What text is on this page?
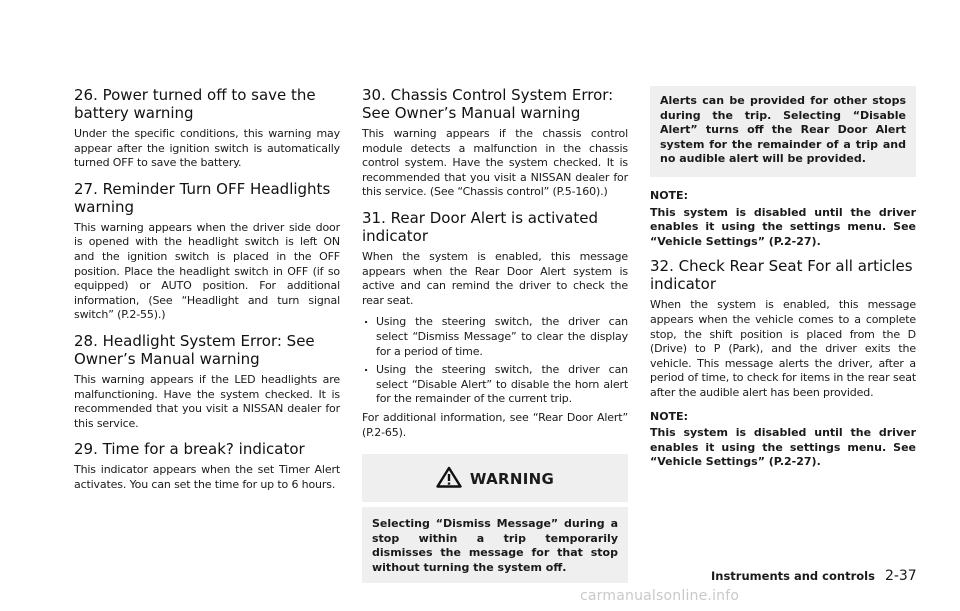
26. Power turned off to save the battery warning

Under the specific conditions, this warning may appear after the ignition switch is automatically turned OFF to save the battery.

27. Reminder Turn OFF Headlights warning

This warning appears when the driver side door is opened with the headlight switch is left ON and the ignition switch is placed in the OFF position. Place the headlight switch in OFF (if so equipped) or AUTO position. For additional information, (See “Headlight and turn signal switch” (P.2-55).)

28. Headlight System Error: See Owner’s Manual warning

This warning appears if the LED headlights are malfunctioning. Have the system checked. It is recommended that you visit a NISSAN dealer for this service.

29. Time for a break? indicator

This indicator appears when the set Timer Alert activates. You can set the time for up to 6 hours.

30. Chassis Control System Error: See Owner’s Manual warning

This warning appears if the chassis control module detects a malfunction in the chassis control system. Have the system checked. It is recommended that you visit a NISSAN dealer for this service. (See “Chassis control” (P.5-160).)

31. Rear Door Alert is activated indicator

When the system is enabled, this message appears when the Rear Door Alert system is active and can remind the driver to check the rear seat.

. Using the steering switch, the driver can select “Dismiss Message” to clear the display for a period of time.
. Using the steering switch, the driver can select “Disable Alert” to disable the horn alert for the remainder of the current trip.

For additional information, see “Rear Door Alert” (P.2-65).

WARNING
Selecting “Dismiss Message” during a stop within a trip temporarily dismisses the message for that stop without turning the system off.
Alerts can be provided for other stops during the trip. Selecting “Disable Alert” turns off the Rear Door Alert system for the remainder of a trip and no audible alert will be provided.
NOTE:
This system is disabled until the driver enables it using the settings menu. See “Vehicle Settings” (P.2-27).
32. Check Rear Seat For all articles indicator

When the system is enabled, this message appears when the vehicle comes to a complete stop, the shift position is placed from the D (Drive) to P (Park), and the driver exits the vehicle. This message alerts the driver, after a period of time, to check for items in the rear seat after the audible alert has been provided.

NOTE:
This system is disabled until the driver enables it using the settings menu. See “Vehicle Settings” (P.2-27).
Instruments and controls 2-37
carmanualsonline.info
